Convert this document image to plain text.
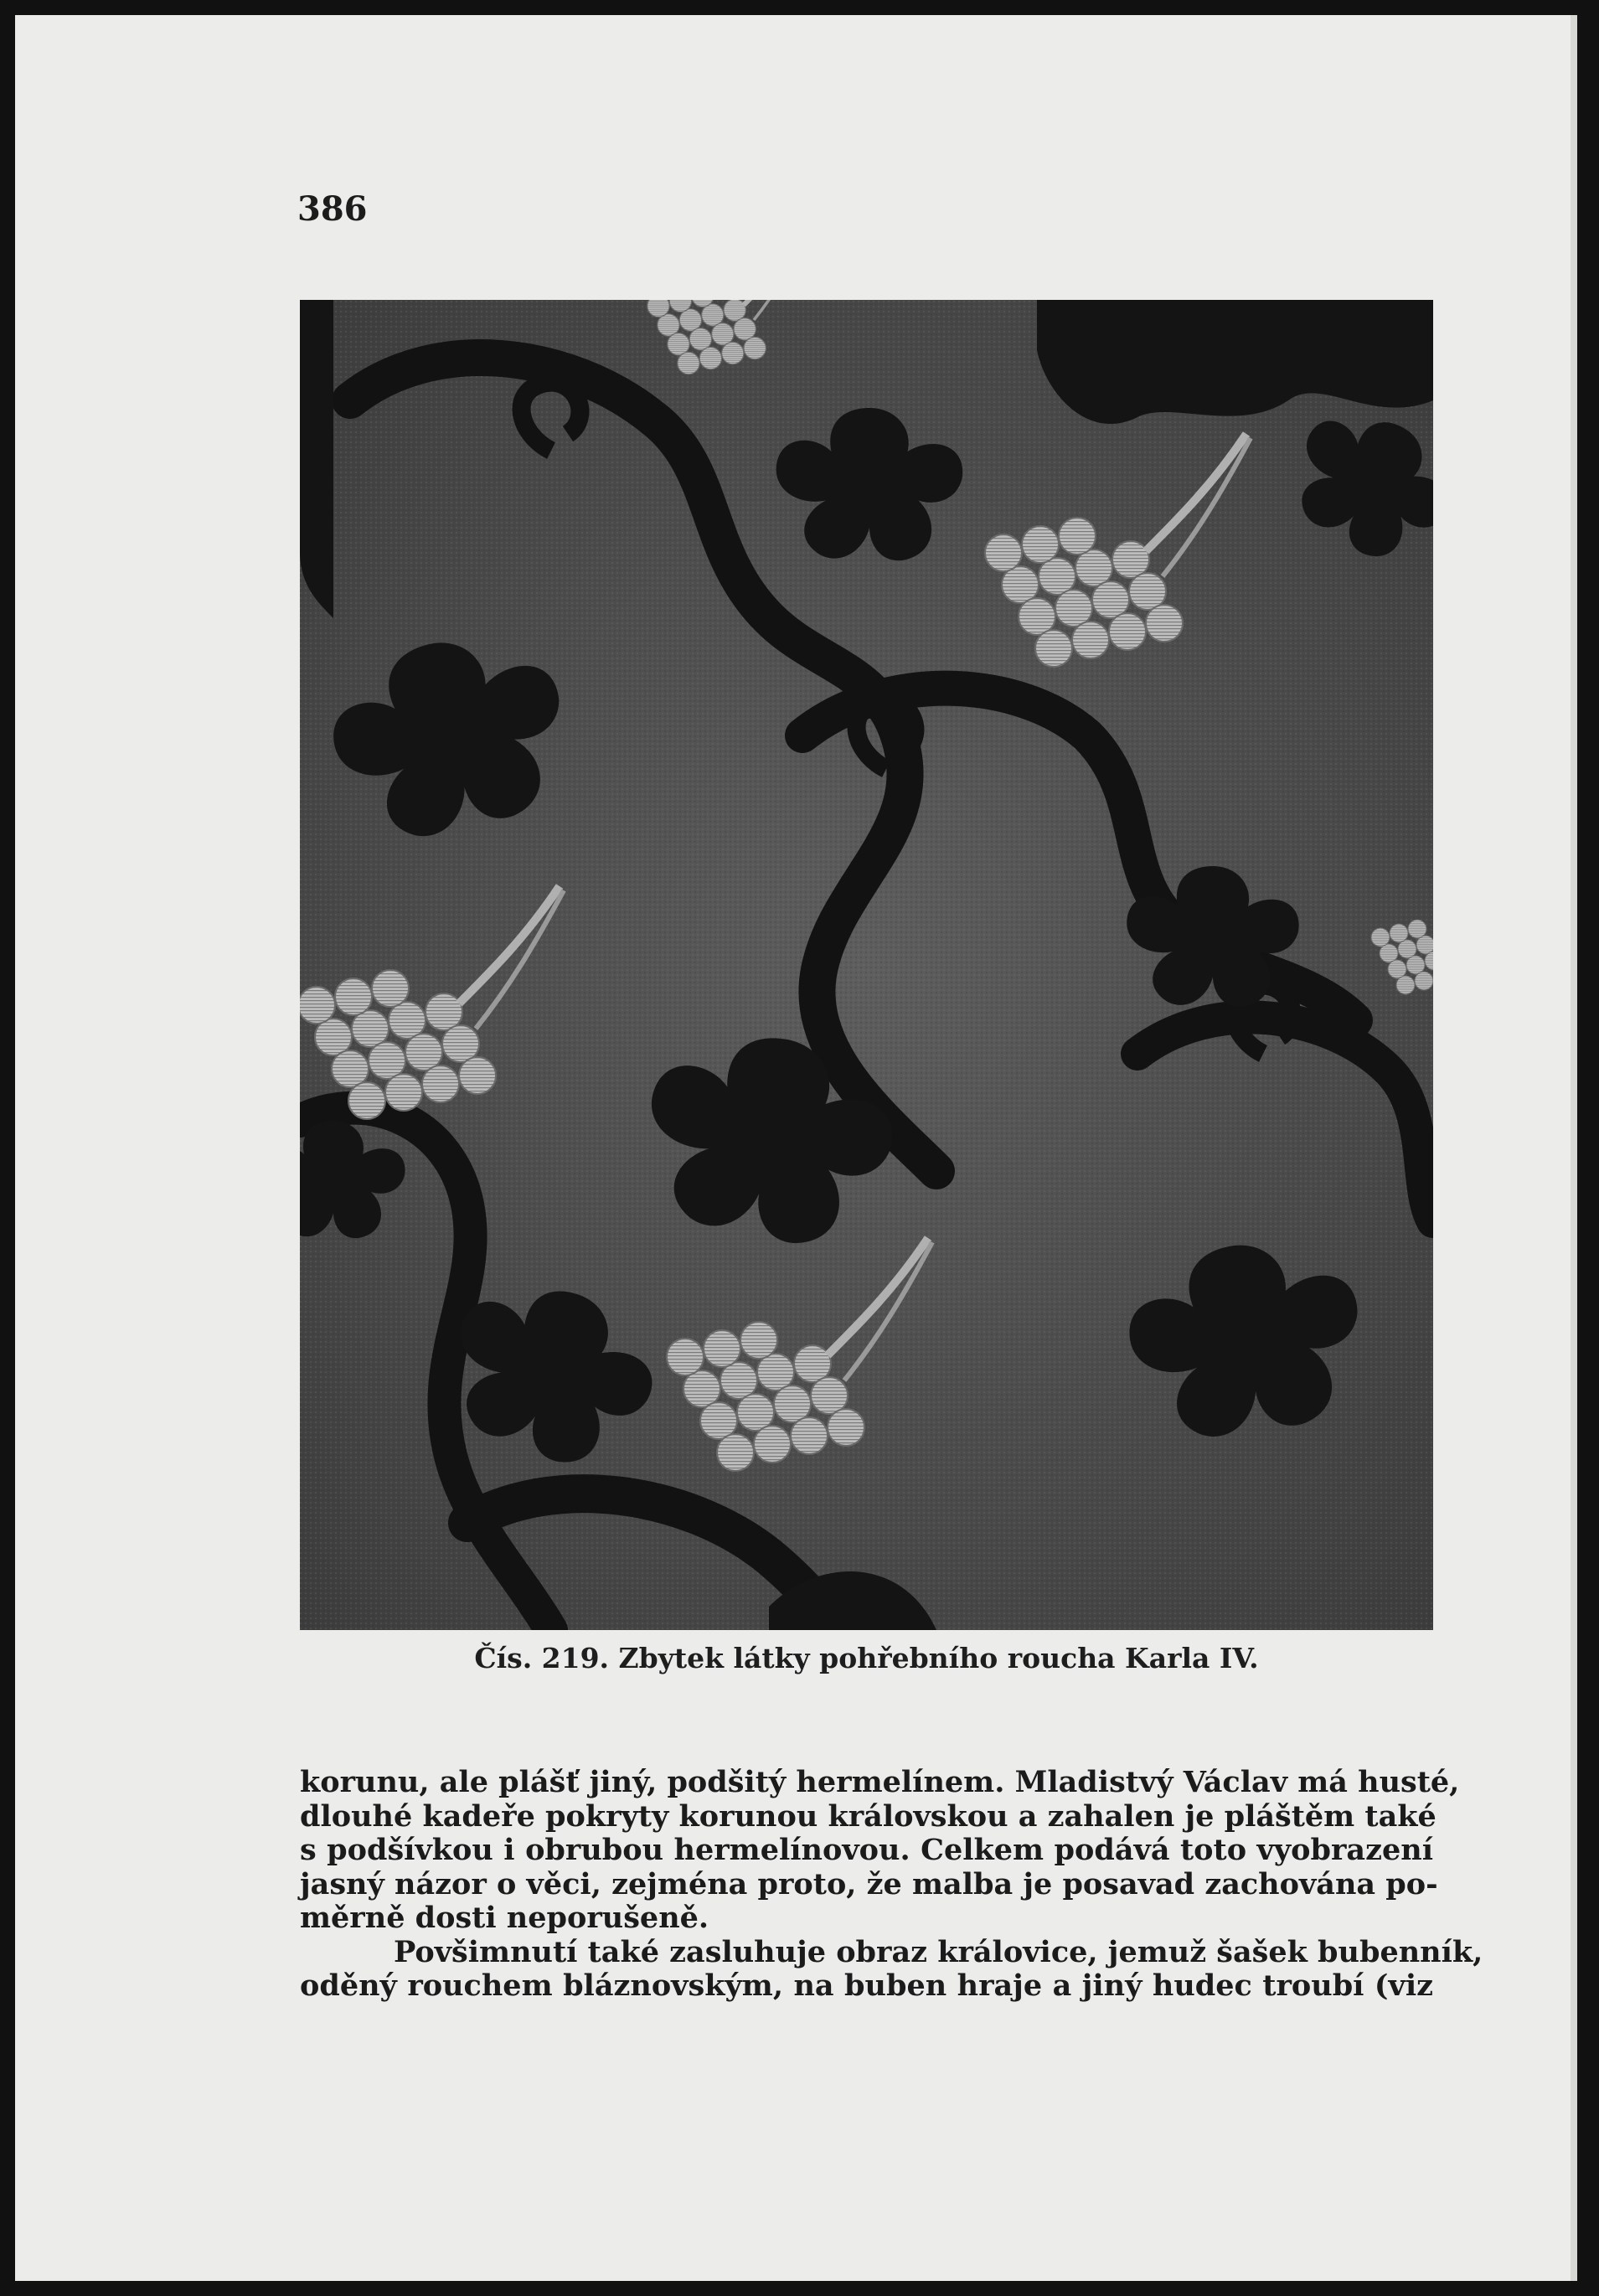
386
Čís. 219. Zbytek látky pohřebního roucha Karla IV.
korunu, ale plášť jiný, podšitý hermelínem. Mladistvý Václav má husté,
dlouhé kadeře pokryty korunou královskou a zahalen je pláštěm také
s podšívkou i obrubou hermelínovou. Celkem podává toto vyobrazení
jasný názor o věci, zejména proto, že malba je posavad zachována po-
měrně dosti neporušeně.
Povšimnutí také zasluhuje obraz královice, jemuž šašek bubenník,
oděný rouchem bláznovským, na buben hraje a jiný hudec troubí (viz
